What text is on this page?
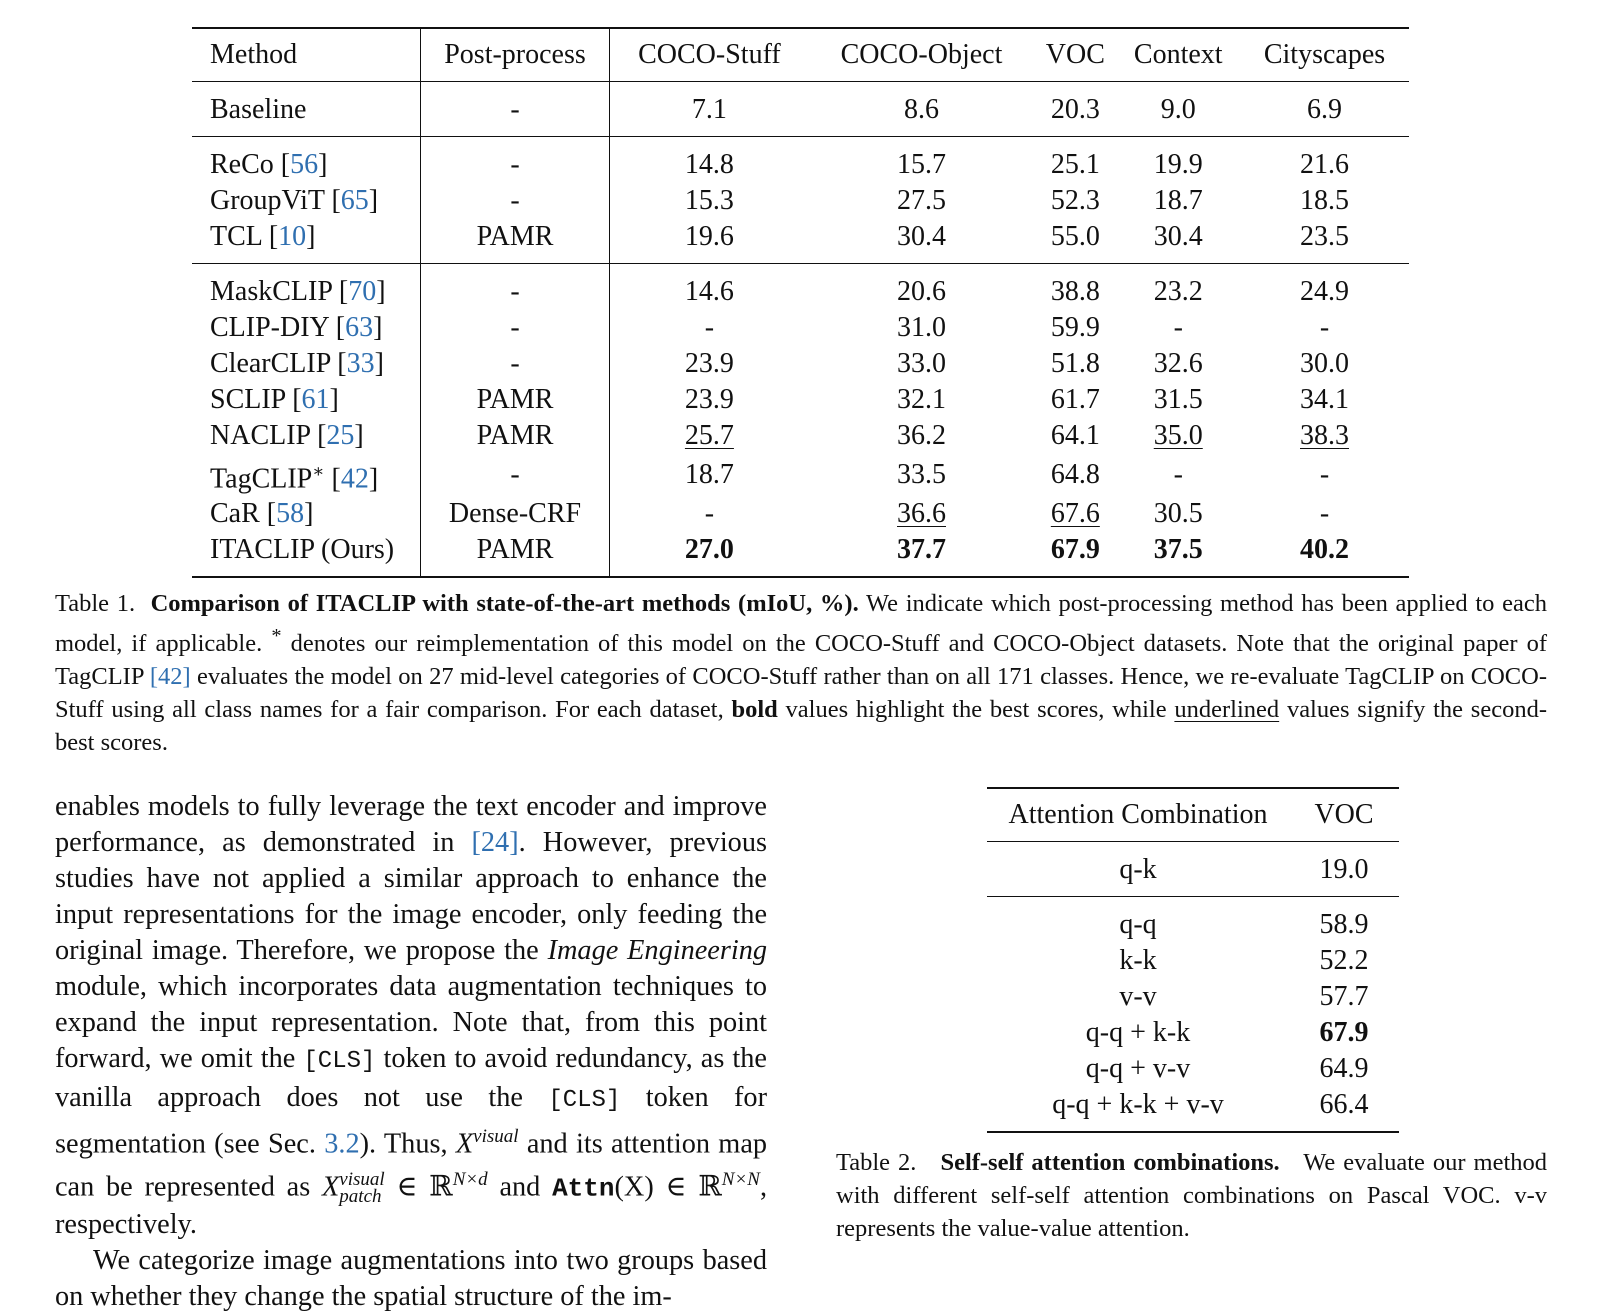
Method	Post-process	COCO-Stuff	COCO-Object	VOC	Context	Cityscapes
Baseline	-	7.1	8.6	20.3	9.0	6.9
ReCo [56]	-	14.8	15.7	25.1	19.9	21.6
GroupViT [65]	-	15.3	27.5	52.3	18.7	18.5
TCL [10]	PAMR	19.6	30.4	55.0	30.4	23.5
MaskCLIP [70]	-	14.6	20.6	38.8	23.2	24.9
CLIP-DIY [63]	-	-	31.0	59.9	-	-
ClearCLIP [33]	-	23.9	33.0	51.8	32.6	30.0
SCLIP [61]	PAMR	23.9	32.1	61.7	31.5	34.1
NACLIP [25]	PAMR	25.7	36.2	64.1	35.0	38.3
TagCLIP∗ [42]	-	18.7	33.5	64.8	-	-
CaR [58]	Dense-CRF	-	36.6	67.6	30.5	-
ITACLIP (Ours)	PAMR	27.0	37.7	67.9	37.5	40.2
Table 1. Comparison of ITACLIP with state-of-the-art methods (mIoU, %). We indicate which post-processing method has been applied to each model, if applicable. * denotes our reimplementation of this model on the COCO-Stuff and COCO-Object datasets. Note that the original paper of TagCLIP [42] evaluates the model on 27 mid-level categories of COCO-Stuff rather than on all 171 classes. Hence, we re-evaluate TagCLIP on COCO-Stuff using all class names for a fair comparison. For each dataset, bold values highlight the best scores, while underlined values signify the second-best scores.

enables models to fully leverage the text encoder and improve performance, as demonstrated in [24]. However, previous studies have not applied a similar approach to enhance the input representations for the image encoder, only feeding the original image. Therefore, we propose the Image Engineering module, which incorporates data augmentation techniques to expand the input representation. Note that, from this point forward, we omit the [CLS] token to avoid redundancy, as the vanilla approach does not use the [CLS] token for segmentation (see Sec. 3.2). Thus, $X^{visual}$ and its attention map can be represented as X visual
patch ∈ ℝ$^{N\times d}$ and Attn(X) ∈ ℝ$^{N\times N}$, respectively.

We categorize image augmentations into two groups based on whether they change the spatial structure of the im-

Attention Combination	VOC
q-k	19.0
q-q	58.9
k-k	52.2
v-v	57.7
q-q + k-k	67.9
q-q + v-v	64.9
q-q + k-k + v-v	66.4
Table 2. Self-self attention combinations. We evaluate our method with different self-self attention combinations on Pascal VOC. v-v represents the value-value attention.
